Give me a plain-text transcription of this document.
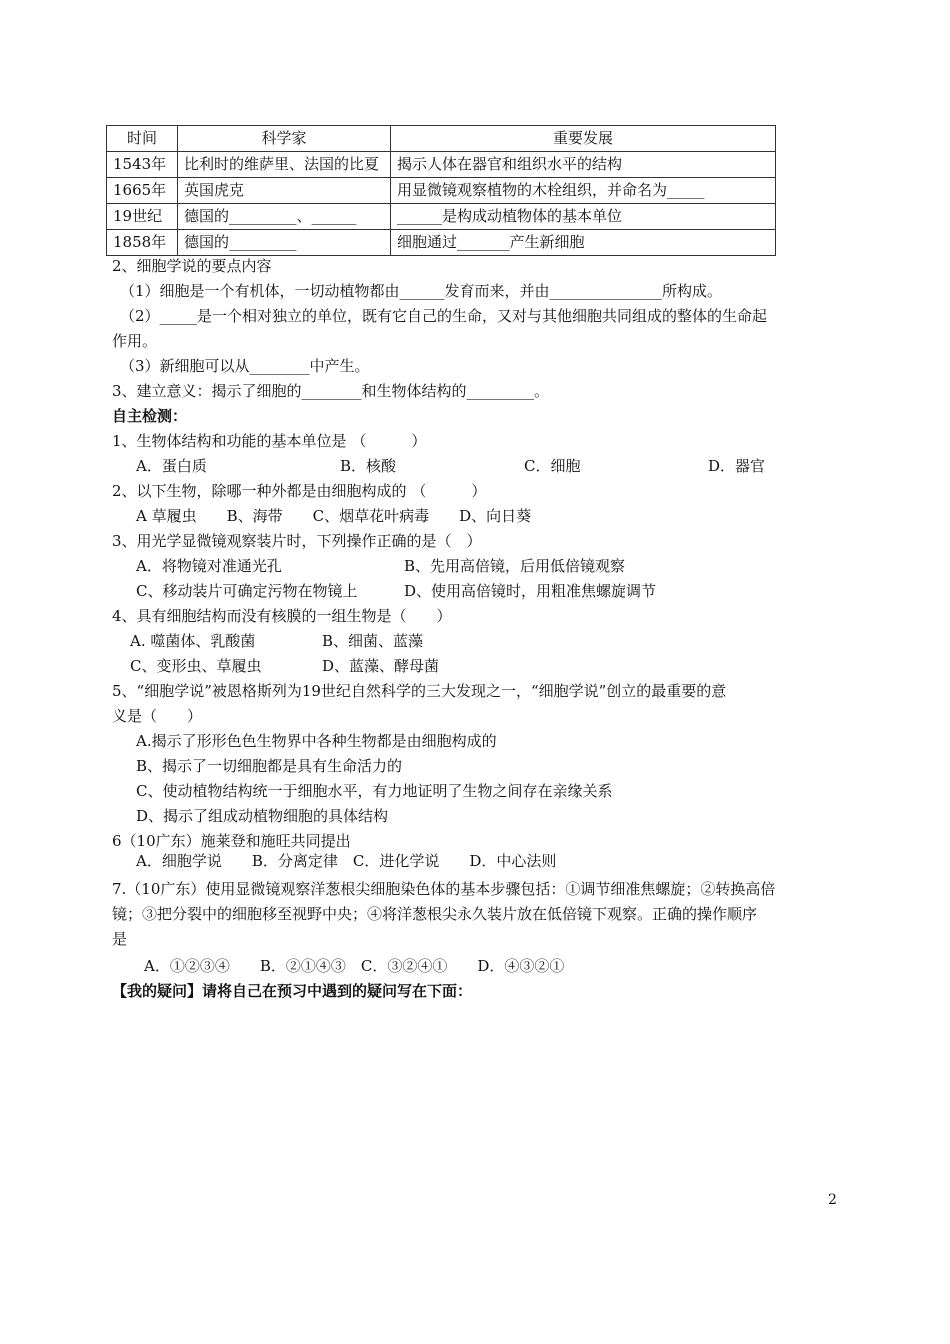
时间	科学家	重要发展
1543年	比利时的维萨里、法国的比夏	揭示人体在器官和组织水平的结构
1665年	英国虎克	用显微镜观察植物的木栓组织，并命名为_____
19世纪	德国的_________、______	______是构成动植物体的基本单位
1858年	德国的_________	细胞通过_______产生新细胞
2、细胞学说的要点内容
（1）细胞是一个有机体，一切动植物都由______发育而来，并由_______________所构成。
（2）_____是一个相对独立的单位，既有它自己的生命，又对与其他细胞共同组成的整体的生命起
作用。
（3）新细胞可以从________中产生。
3、建立意义：揭示了细胞的________和生物体结构的_________。
自主检测：
1、生物体结构和功能的基本单位是 （　　　）
A．蛋白质	B．核酸	C．细胞	D．器官
2、以下生物，除哪一种外都是由细胞构成的 （　　　）
A 草履虫　　B、海带　　C、烟草花叶病毒　　D、向日葵
3、用光学显微镜观察装片时，下列操作正确的是（　）
A．将物镜对准通光孔	B、先用高倍镜，后用低倍镜观察
C、移动装片可确定污物在物镜上	D、使用高倍镜时，用粗准焦螺旋调节
4、具有细胞结构而没有核膜的一组生物是（　　）
A. 噬菌体、乳酸菌	B、细菌、蓝藻
C、变形虫、草履虫	D、蓝藻、酵母菌
5、“细胞学说”被恩格斯列为19世纪自然科学的三大发现之一，“细胞学说”创立的最重要的意
义是（　　）
A.揭示了形形色色生物界中各种生物都是由细胞构成的
B、揭示了一切细胞都是具有生命活力的
C、使动植物结构统一于细胞水平，有力地证明了生物之间存在亲缘关系
D、揭示了组成动植物细胞的具体结构
6（10广东）施莱登和施旺共同提出
A．细胞学说　　B．分离定律　C．进化学说　　D．中心法则
7.（10广东）使用显微镜观察洋葱根尖细胞染色体的基本步骤包括：①调节细准焦螺旋；②转换高倍
镜；③把分裂中的细胞移至视野中央；④将洋葱根尖永久装片放在低倍镜下观察。正确的操作顺序
是
A．①②③④　　B．②①④③　C．③②④①　　D．④③②①
【我的疑问】请将自己在预习中遇到的疑问写在下面：
2
